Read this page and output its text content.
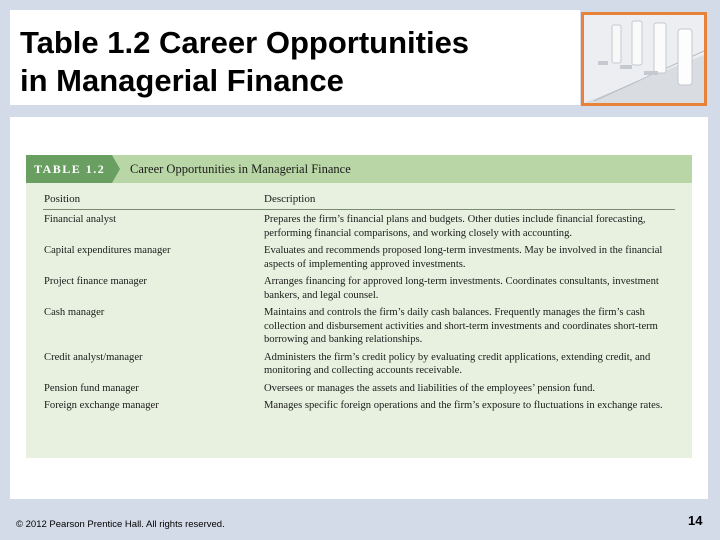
Table 1.2 Career Opportunities
in Managerial Finance
TABLE 1.2	Career Opportunities in Managerial Finance
Position	Description
Financial analyst	Prepares the firm’s financial plans and budgets. Other duties include financial forecasting, performing financial comparisons, and working closely with accounting.
Capital expenditures manager	Evaluates and recommends proposed long-term investments. May be involved in the financial aspects of implementing approved investments.
Project finance manager	Arranges financing for approved long-term investments. Coordinates consultants, investment bankers, and legal counsel.
Cash manager	Maintains and controls the firm’s daily cash balances. Frequently manages the firm’s cash collection and disbursement activities and short-term investments and coordinates short-term borrowing and banking relationships.
Credit analyst/manager	Administers the firm’s credit policy by evaluating credit applications, extending credit, and monitoring and collecting accounts receivable.
Pension fund manager	Oversees or manages the assets and liabilities of the employees’ pension fund.
Foreign exchange manager	Manages specific foreign operations and the firm’s exposure to fluctuations in exchange rates.
© 2012 Pearson Prentice Hall. All rights reserved.	14
